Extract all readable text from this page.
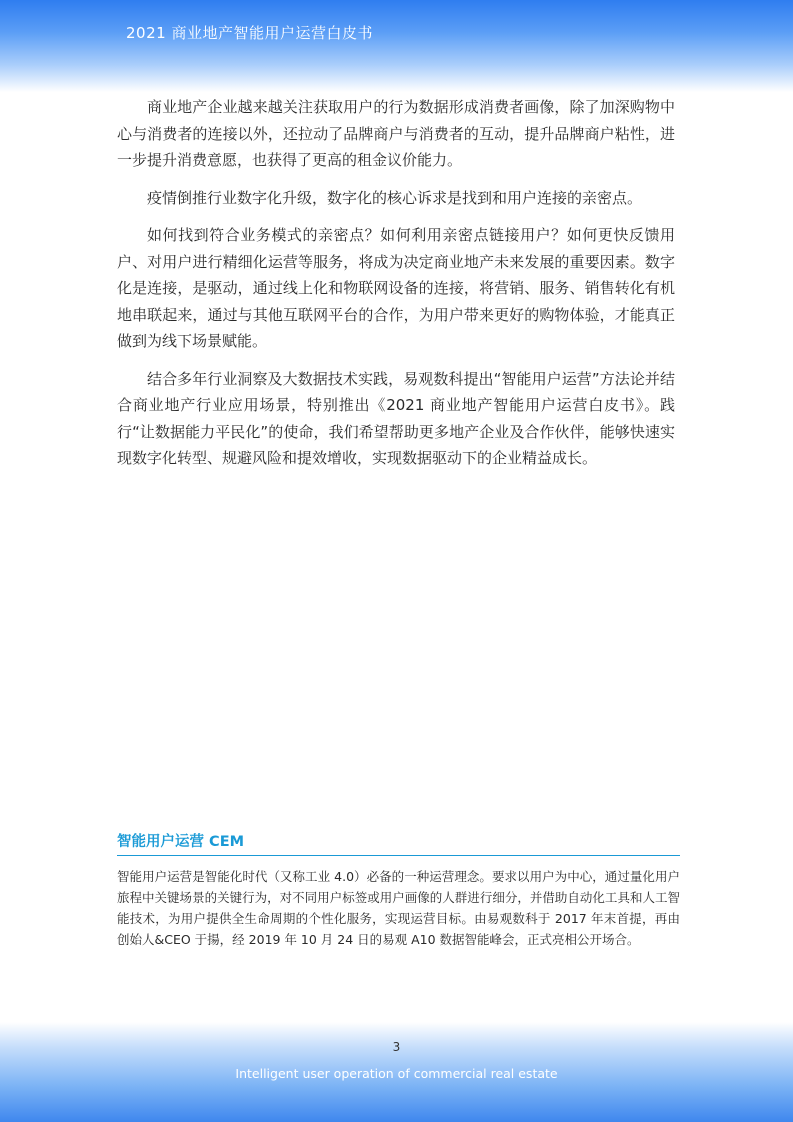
2021 商业地产智能用户运营白皮书

商业地产企业越来越关注获取用户的行为数据形成消费者画像，除了加深购物中心与消费者的连接以外，还拉动了品牌商户与消费者的互动，提升品牌商户粘性，进一步提升消费意愿，也获得了更高的租金议价能力。

疫情倒推行业数字化升级，数字化的核心诉求是找到和用户连接的亲密点。

如何找到符合业务模式的亲密点？如何利用亲密点链接用户？如何更快反馈用户、对用户进行精细化运营等服务，将成为决定商业地产未来发展的重要因素。数字化是连接，是驱动，通过线上化和物联网设备的连接，将营销、服务、销售转化有机地串联起来，通过与其他互联网平台的合作，为用户带来更好的购物体验，才能真正做到为线下场景赋能。

结合多年行业洞察及大数据技术实践，易观数科提出“智能用户运营”方法论并结合商业地产行业应用场景，特别推出《2021 商业地产智能用户运营白皮书》。践行“让数据能力平民化”的使命，我们希望帮助更多地产企业及合作伙伴，能够快速实现数字化转型、规避风险和提效增收，实现数据驱动下的企业精益成长。

智能用户运营 CEM

智能用户运营是智能化时代（又称工业 4.0）必备的一种运营理念。要求以用户为中心，通过量化用户旅程中关键场景的关键行为，对不同用户标签或用户画像的人群进行细分，并借助自动化工具和人工智能技术，为用户提供全生命周期的个性化服务，实现运营目标。由易观数科于 2017 年末首提，再由创始人&CEO 于揚，经 2019 年 10 月 24 日的易观 A10 数据智能峰会，正式亮相公开场合。

3
Intelligent user operation of commercial real estate
